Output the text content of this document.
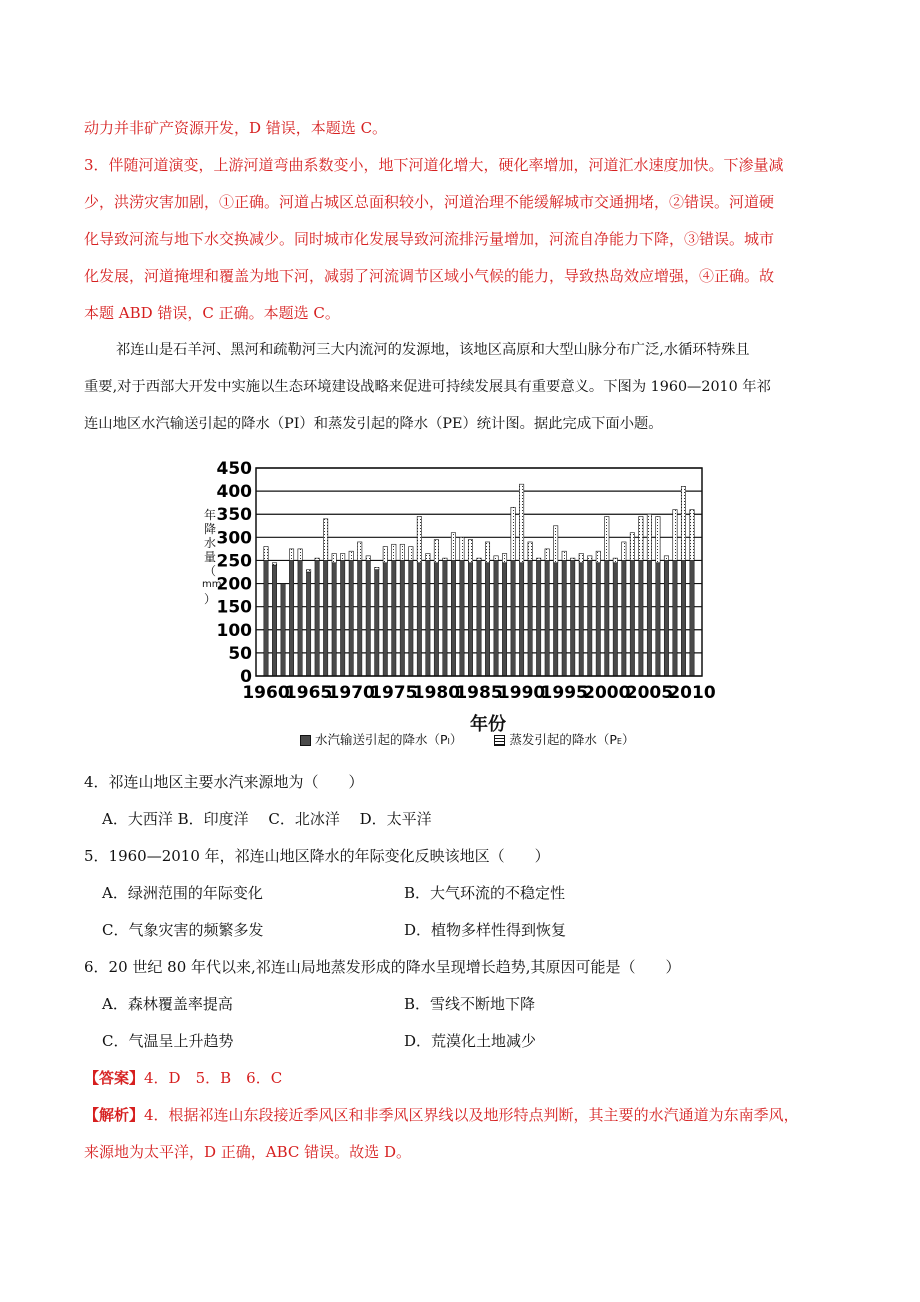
动力并非矿产资源开发，D 错误，本题选 C。
3．伴随河道演变，上游河道弯曲系数变小，地下河道化增大，硬化率增加，河道汇水速度加快。下渗量减
少，洪涝灾害加剧，①正确。河道占城区总面积较小，河道治理不能缓解城市交通拥堵，②错误。河道硬
化导致河流与地下水交换减少。同时城市化发展导致河流排污量增加，河流自净能力下降，③错误。城市
化发展，河道掩埋和覆盖为地下河，减弱了河流调节区域小气候的能力，导致热岛效应增强，④正确。故
本题 ABD 错误，C 正确。本题选 C。
祁连山是石羊河、黑河和疏勒河三大内流河的发源地，该地区高原和大型山脉分布广泛,水循环特殊且
重要,对于西部大开发中实施以生态环境建设战略来促进可持续发展具有重要意义。下图为 1960—2010 年祁
连山地区水汽输送引起的降水（PI）和蒸发引起的降水（PE）统计图。据此完成下面小题。
0
50
100
150
200
250
300
350
400
450
1960
1965
1970
1975
1980
1985
1990
1995
2000
2005
2010
年
降
水
量
（
mm
）
年份
水汽输送引起的降水（PI）	蒸发引起的降水（PE）
4．祁连山地区主要水汽来源地为（　　）
A．大西洋 B．印度洋　 C．北冰洋　 D．太平洋
5．1960—2010 年，祁连山地区降水的年际变化反映该地区（　　）
A．绿洲范围的年际变化	B．大气环流的不稳定性
C．气象灾害的频繁多发	D．植物多样性得到恢复
6．20 世纪 80 年代以来,祁连山局地蒸发形成的降水呈现增长趋势,其原因可能是（　　）
A．森林覆盖率提高	B．雪线不断地下降
C．气温呈上升趋势	D．荒漠化土地减少
【答案】4．D　5．B　6．C
【解析】4．根据祁连山东段接近季风区和非季风区界线以及地形特点判断，其主要的水汽通道为东南季风，
来源地为太平洋，D 正确，ABC 错误。故选 D。
